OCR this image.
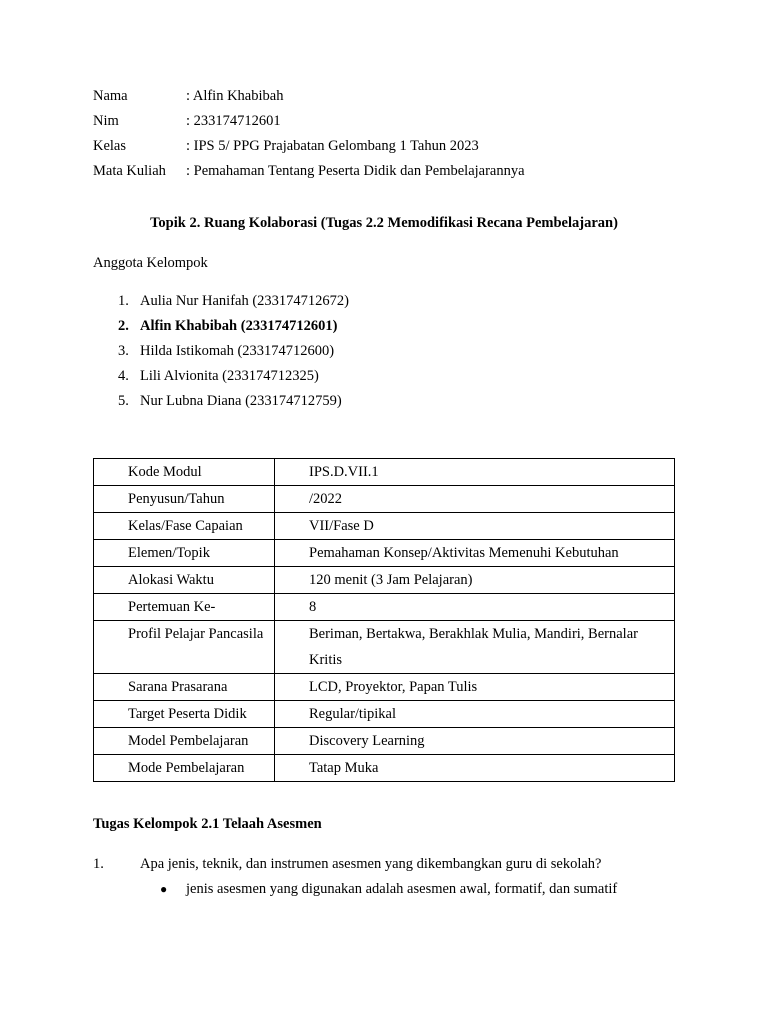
Nama	: Alfin Khabibah
Nim	: 233174712601
Kelas	: IPS 5/ PPG Prajabatan Gelombang 1 Tahun 2023
Mata Kuliah	: Pemahaman Tentang Peserta Didik dan Pembelajarannya
Topik 2. Ruang Kolaborasi (Tugas 2.2 Memodifikasi Recana Pembelajaran)
Anggota Kelompok
1. Aulia Nur Hanifah (233174712672)
2. Alfin Khabibah (233174712601)
3. Hilda Istikomah (233174712600)
4. Lili Alvionita (233174712325)
5. Nur Lubna Diana (233174712759)
Kode Modul	IPS.D.VII.1
Penyusun/Tahun	/2022
Kelas/Fase Capaian	VII/Fase D
Elemen/Topik	Pemahaman Konsep/Aktivitas Memenuhi Kebutuhan
Alokasi Waktu	120 menit (3 Jam Pelajaran)
Pertemuan Ke-	8
Profil Pelajar Pancasila	Beriman, Bertakwa, Berakhlak Mulia, Mandiri, Bernalar Kritis
Sarana Prasarana	LCD, Proyektor, Papan Tulis
Target Peserta Didik	Regular/tipikal
Model Pembelajaran	Discovery Learning
Mode Pembelajaran	Tatap Muka
Tugas Kelompok 2.1 Telaah Asesmen
1.	Apa jenis, teknik, dan instrumen asesmen yang dikembangkan guru di sekolah?
●	jenis asesmen yang digunakan adalah asesmen awal, formatif, dan sumatif
